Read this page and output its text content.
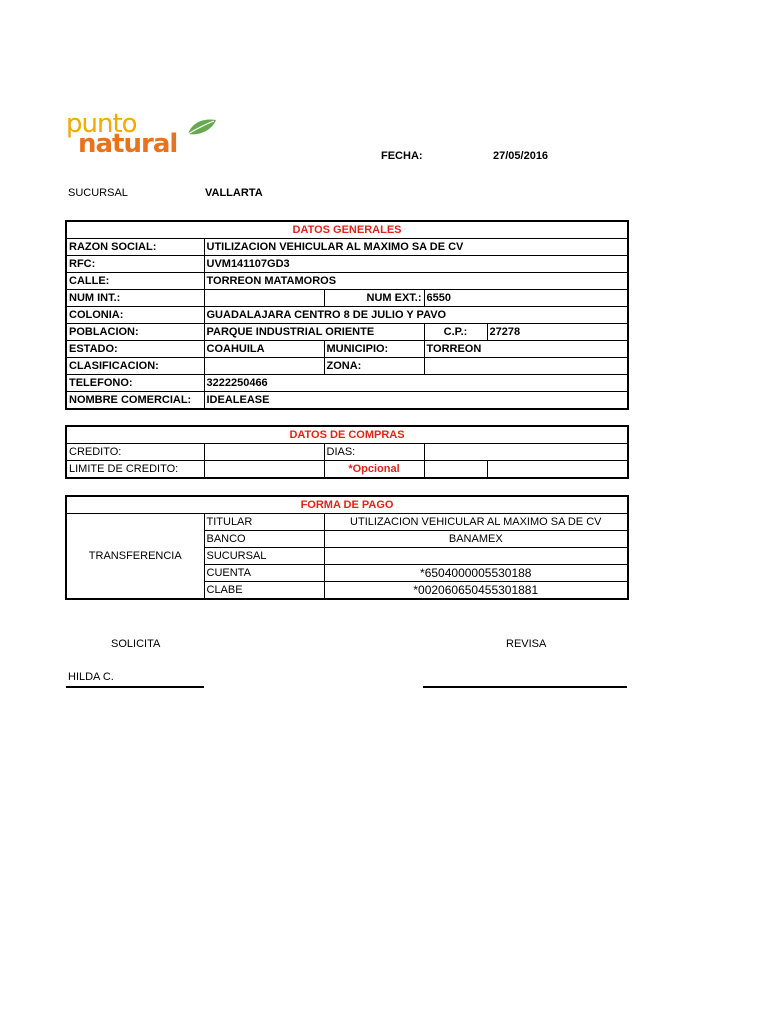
punto
natural	FECHA:	27/05/2016
SUCURSAL	VALLARTA
DATOS GENERALES				
RAZON SOCIAL:	UTILIZACION VEHICULAR AL MAXIMO SA DE CV			
RFC:	UVM141107GD3			
CALLE:	TORREON MATAMOROS			
NUM INT.:		NUM EXT.:	6550	
COLONIA:	GUADALAJARA CENTRO 8 DE JULIO Y PAVO			
POBLACION:	PARQUE INDUSTRIAL ORIENTE		C.P.:	27278
ESTADO:	COAHUILA	MUNICIPIO:	TORREON	
CLASIFICACION:		ZONA:		
TELEFONO:	3222250466			
NOMBRE COMERCIAL:	IDEALEASE			
DATOS DE COMPRAS				
CREDITO:		DIAS:		
LIMITE DE CREDITO:		*Opcional		
FORMA DE PAGO		
TRANSFERENCIA	TITULAR	UTILIZACION VEHICULAR AL MAXIMO SA DE CV
	BANCO	BANAMEX
	SUCURSAL	
	CUENTA	*6504000005530188
	CLABE	*002060650455301881
SOLICITA	REVISA
HILDA C.
